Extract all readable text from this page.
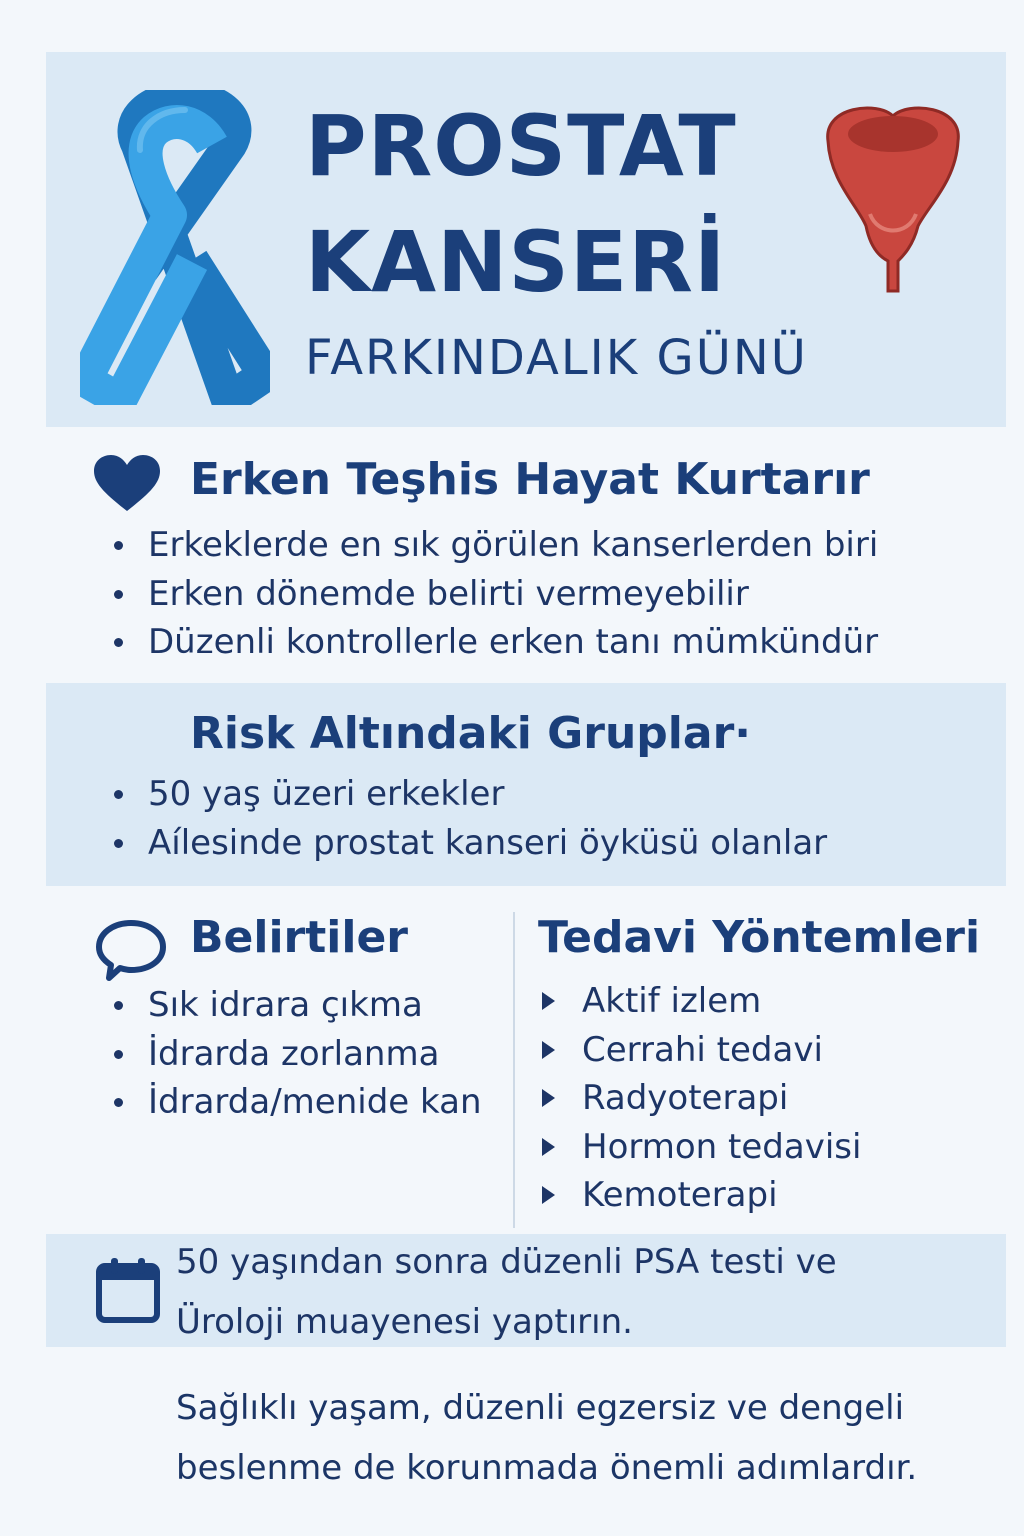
PROSTAT
KANSERİ
FARKINDALIK GÜNÜ
Erken Teşhis Hayat Kurtarır
Erkeklerde en sık görülen kanserlerden biri
Erken dönemde belirti vermeyebilir
Düzenli kontrollerle erken tanı mümkündür
Risk Altındaki Gruplar·
50 yaş üzeri erkekler
Aílesinde prostat kanseri öyküsü olanlar
Belirtiler
Sık idrara çıkma
İdrarda zorlanma
İdrarda/menide kan
Tedavi Yöntemleri
Aktif izlem
Cerrahi tedavi
Radyoterapi
Hormon tedavisi
Kemoterapi
50 yaşından sonra düzenli PSA testi ve
Üroloji muayenesi yaptırın.
Sağlıklı yaşam, düzenli egzersiz ve dengeli
beslenme de korunmada önemli adımlardır.
